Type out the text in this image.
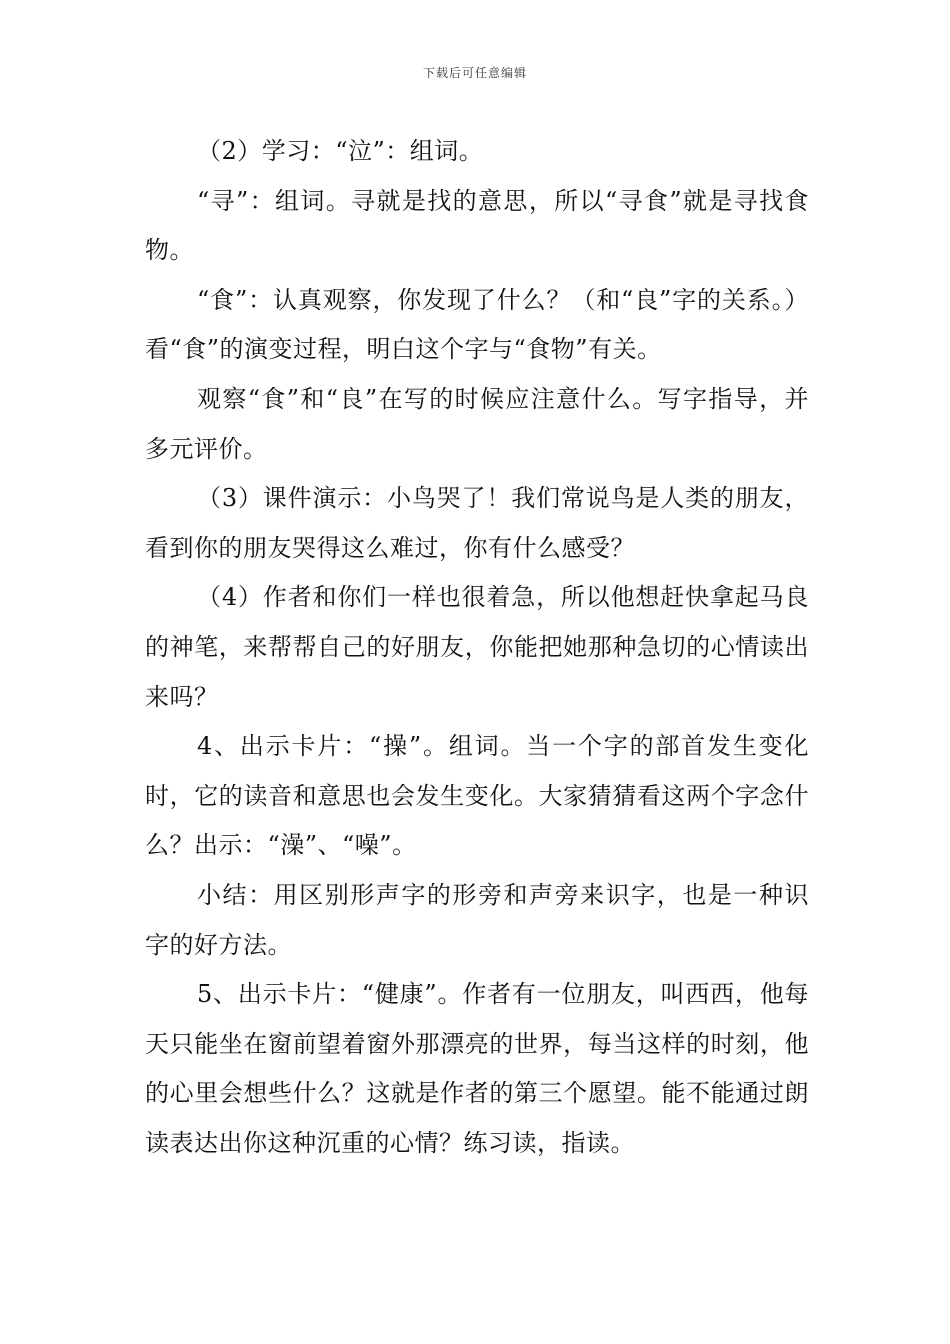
下载后可任意编辑

（2）学习：“泣”：组词。

“寻”：组词。寻就是找的意思，所以“寻食”就是寻找食物。

“食”：认真观察，你发现了什么？（和“良”字的关系。）看“食”的演变过程，明白这个字与“食物”有关。

观察“食”和“良”在写的时候应注意什么。写字指导，并多元评价。

（3）课件演示：小鸟哭了！我们常说鸟是人类的朋友，看到你的朋友哭得这么难过，你有什么感受？

（4）作者和你们一样也很着急，所以他想赶快拿起马良的神笔，来帮帮自己的好朋友，你能把她那种急切的心情读出来吗？

4、出示卡片：“操”。组词。当一个字的部首发生变化时，它的读音和意思也会发生变化。大家猜猜看这两个字念什么？出示：“澡”、“噪”。

小结：用区别形声字的形旁和声旁来识字，也是一种识字的好方法。

5、出示卡片：“健康”。作者有一位朋友，叫西西，他每天只能坐在窗前望着窗外那漂亮的世界，每当这样的时刻，他的心里会想些什么？这就是作者的第三个愿望。能不能通过朗读表达出你这种沉重的心情？练习读，指读。
